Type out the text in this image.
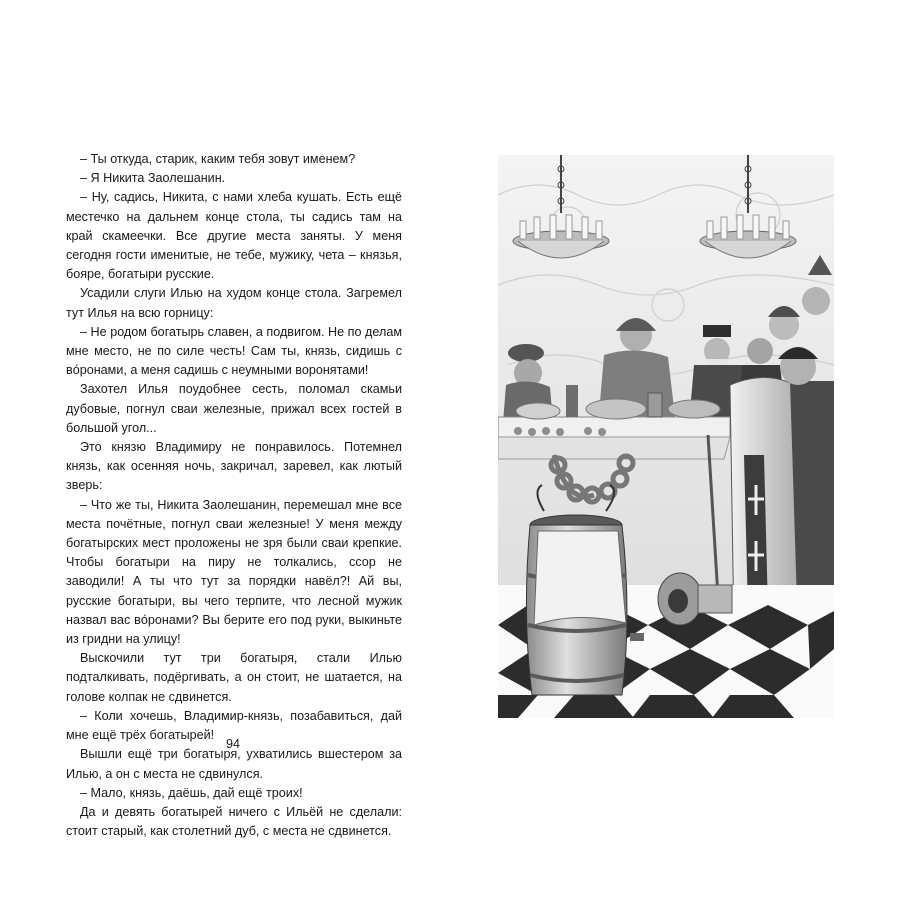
– Ты откуда, старик, каким тебя зовут именем?

– Я Никита Заолешанин.

– Ну, садись, Никита, с нами хлеба кушать. Есть ещё местечко на дальнем конце стола, ты садись там на край скамеечки. Все другие места заняты. У меня сегодня гости именитые, не тебе, мужику, чета – князья, бояре, богатыри русские.

Усадили слуги Илью на худом конце стола. Загремел тут Илья на всю горницу:

– Не родом богатырь славен, а подвигом. Не по делам мне место, не по силе честь! Сам ты, князь, сидишь с вóронами, а меня садишь с неумными воронятами!

Захотел Илья поудобнее сесть, поломал скамьи дубовые, погнул сваи железные, прижал всех гостей в большой угол...

Это князю Владимиру не понравилось. Потемнел князь, как осенняя ночь, закричал, заревел, как лютый зверь:

– Что же ты, Никита Заолешанин, перемешал мне все места почётные, погнул сваи железные! У меня между богатырских мест проложены не зря были сваи крепкие. Чтобы богатыри на пиру не толкались, ссор не заводили! А ты что тут за порядки навёл?! Ай вы, русские богатыри, вы чего терпите, что лесной мужик назвал вас вóронами? Вы берите его под руки, выкиньте из гридни на улицу!

Выскочили тут три богатыря, стали Илью подталкивать, подёргивать, а он стоит, не шатается, на голове колпак не сдвинется.

– Коли хочешь, Владимир-князь, позабавиться, дай мне ещё трёх богатырей!

Вышли ещё три богатыря, ухватились вшестером за Илью, а он с места не сдвинулся.

– Мало, князь, даёшь, дай ещё троих!

Да и девять богатырей ничего с Ильёй не сделали: стоит старый, как столетний дуб, с места не сдвинется.

94
